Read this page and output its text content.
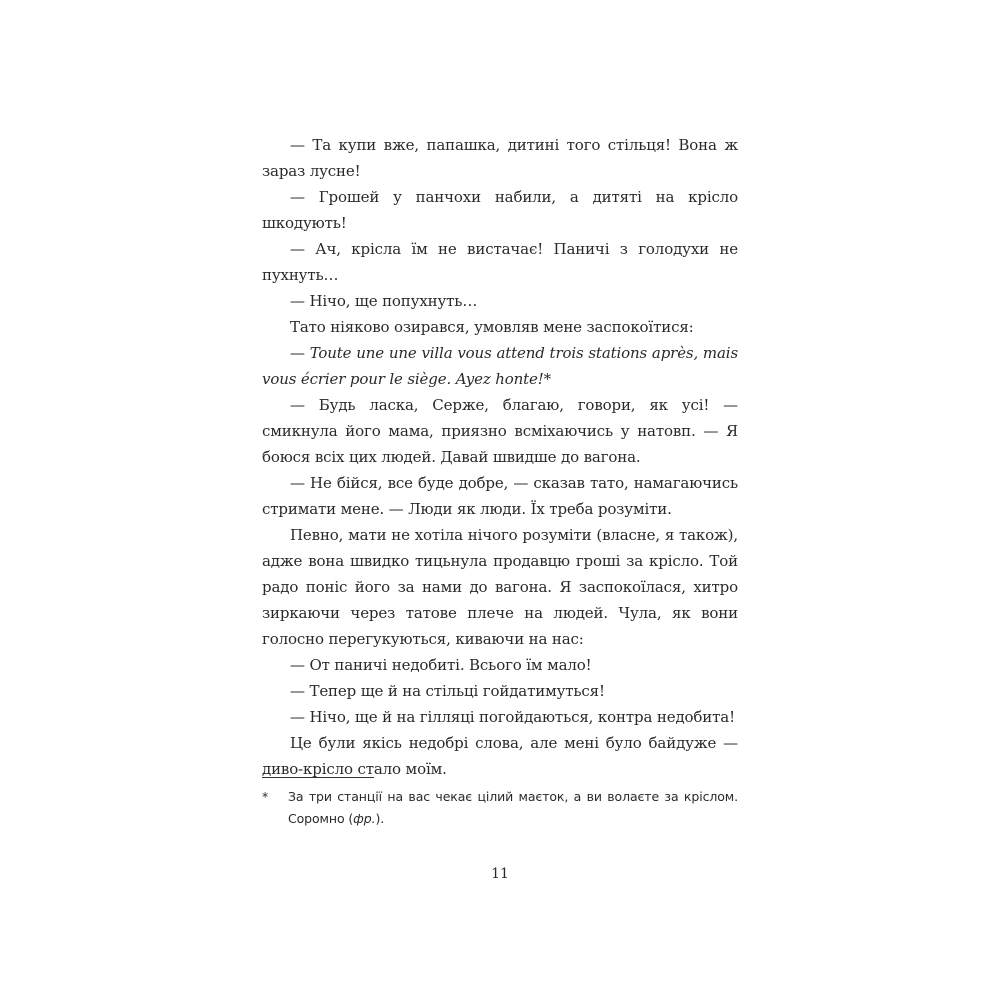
— Та купи вже, папашка, дитині того стільця! Вона ж зараз лусне!

— Грошей у панчохи набили, а дитяті на крісло шкодують!

— Ач, крісла їм не вистачає! Паничі з голодухи не пухнуть…

— Нічо, ще попухнуть…

Тато ніяково озирався, умовляв мене заспокоїтися:

— Toute une une villa vous attend trois stations après, mais vous écrier pour le siège. Ayez honte!*

— Будь ласка, Серже, благаю, говори, як усі! — смикнула його мама, приязно всміхаючись у натовп. — Я боюся всіх цих людей. Давай швидше до вагона.

— Не бійся, все буде добре, — сказав тато, намагаючись стримати мене. — Люди як люди. Їх треба розуміти.

Певно, мати не хотіла нічого розуміти (власне, я також), адже вона швидко тицьнула продавцю гроші за крісло. Той радо поніс його за нами до вагона. Я заспокоїлася, хитро зиркаючи через татове плече на людей. Чула, як вони голосно перегукуються, киваючи на нас:

— От паничі недобиті. Всього їм мало!

— Тепер ще й на стільці гойдатимуться!

— Нічо, ще й на гілляці погойдаються, контра недобита!

Це були якісь недобрі слова, але мені було байдуже — диво-крісло стало моїм.

*	За три станції на вас чекає цілий маєток, а ви волаєте за кріслом. Соромно (фр.).
11
